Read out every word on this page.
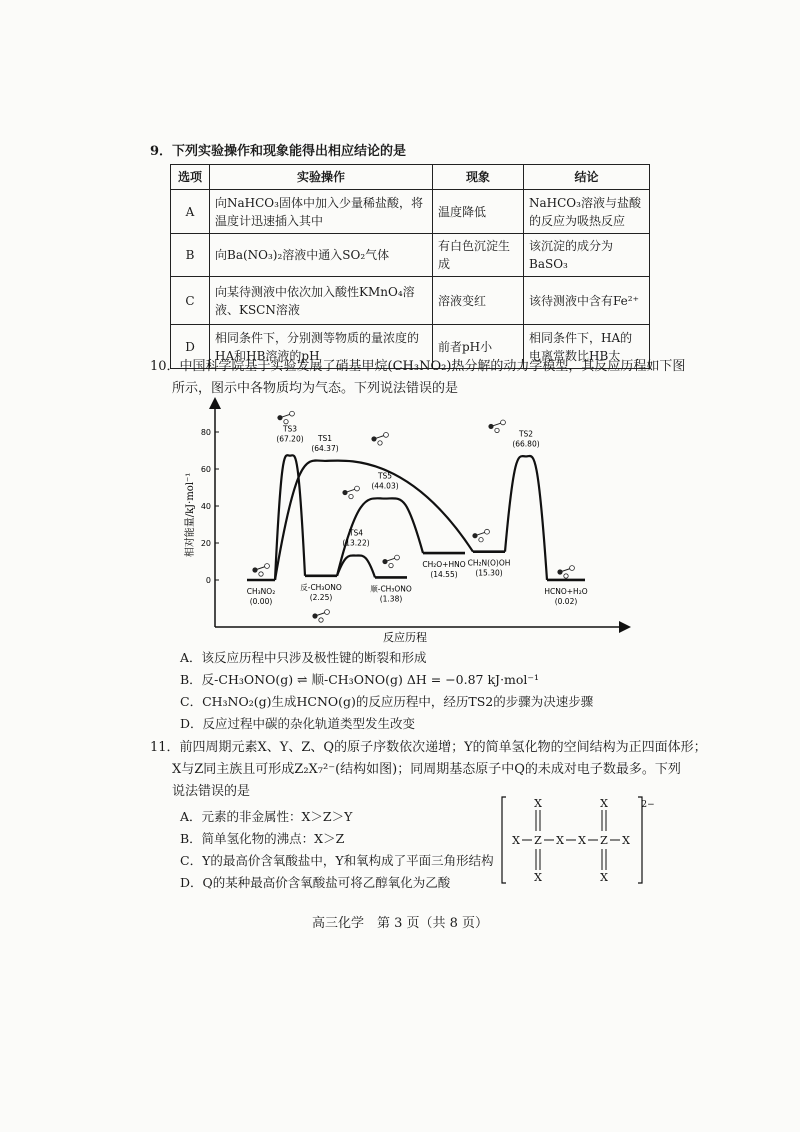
9．下列实验操作和现象能得出相应结论的是
选项	实验操作	现象	结论
A	向NaHCO₃固体中加入少量稀盐酸，将温度计迅速插入其中	温度降低	NaHCO₃溶液与盐酸的反应为吸热反应
B	向Ba(NO₃)₂溶液中通入SO₂气体	有白色沉淀生成	该沉淀的成分为BaSO₃
C	向某待测液中依次加入酸性KMnO₄溶液、KSCN溶液	溶液变红	该待测液中含有Fe²⁺
D	相同条件下，分别测等物质的量浓度的HA和HB溶液的pH	前者pH小	相同条件下，HA的电离常数比HB大
10．中国科学院基于实验发展了硝基甲烷(CH₃NO₂)热分解的动力学模型，其反应历程如下图
所示，图示中各物质均为气态。下列说法错误的是
相对能量/kJ·mol⁻¹
反应历程
0
20
40
60
80
CH₃NO₂
(0.00)
TS3
(67.20)
反-CH₃ONO
(2.25)
TS4
(13.22)
顺-CH₃ONO
(1.38)
TS5
(44.03)
CH₂O+HNO
(14.55)
TS1
(64.37)
CH₂N(O)OH
(15.30)
TS2
(66.80)
HCNO+H₂O
(0.02)
A．该反应历程中只涉及极性键的断裂和形成
B．反-CH₃ONO(g) ⇌ 顺-CH₃ONO(g) ΔH = −0.87 kJ·mol⁻¹
C．CH₃NO₂(g)生成HCNO(g)的反应历程中，经历TS2的步骤为决速步骤
D．反应过程中碳的杂化轨道类型发生改变
11．前四周期元素X、Y、Z、Q的原子序数依次递增；Y的简单氢化物的空间结构为正四面体形；
X与Z同主族且可形成Z₂X₇²⁻(结构如图)；同周期基态原子中Q的未成对电子数最多。下列
说法错误的是
A．元素的非金属性：X＞Z＞Y
B．简单氢化物的沸点：X＞Z
C．Y的最高价含氧酸盐中，Y和氧构成了平面三角形结构
D．Q的某种最高价含氧酸盐可将乙醇氧化为乙酸
2−
X Z X X Z X
X
X
X
X
高三化学　第 3 页（共 8 页）
